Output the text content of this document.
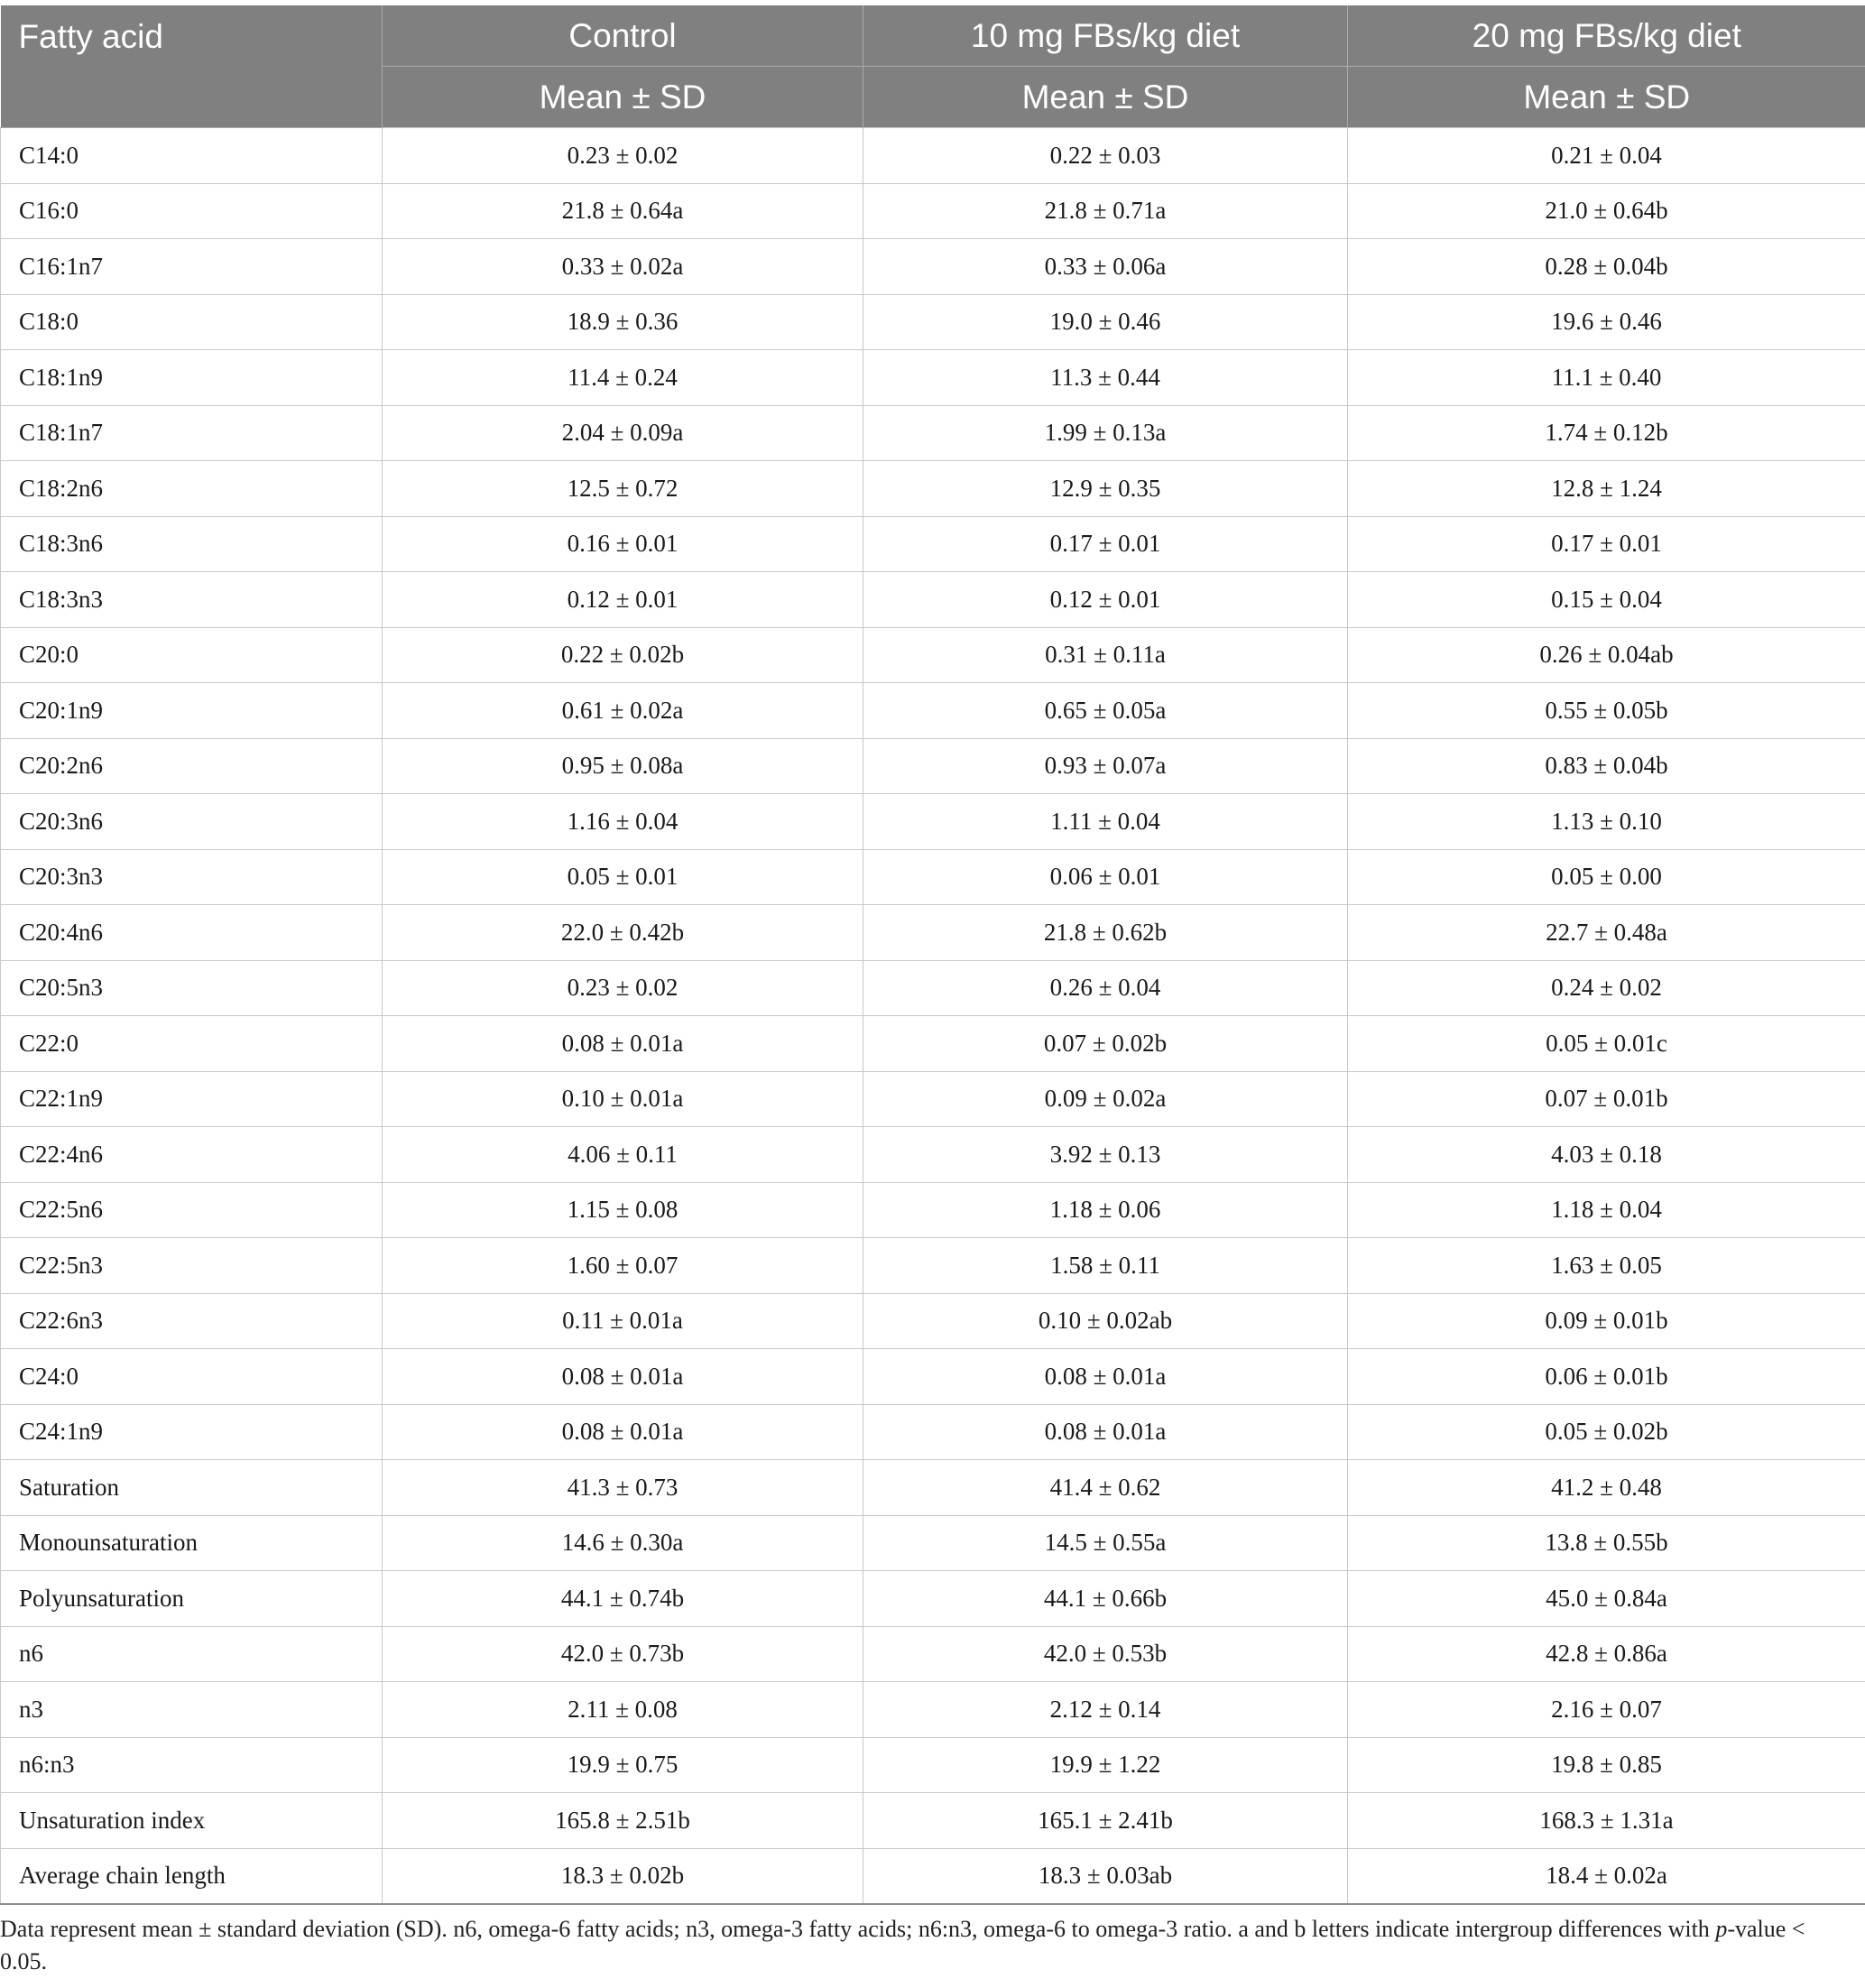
Fatty acid	Control	10 mg FBs/kg diet	20 mg FBs/kg diet
	Mean ± SD	Mean ± SD	Mean ± SD
C14:0	0.23 ± 0.02	0.22 ± 0.03	0.21 ± 0.04
C16:0	21.8 ± 0.64a	21.8 ± 0.71a	21.0 ± 0.64b
C16:1n7	0.33 ± 0.02a	0.33 ± 0.06a	0.28 ± 0.04b
C18:0	18.9 ± 0.36	19.0 ± 0.46	19.6 ± 0.46
C18:1n9	11.4 ± 0.24	11.3 ± 0.44	11.1 ± 0.40
C18:1n7	2.04 ± 0.09a	1.99 ± 0.13a	1.74 ± 0.12b
C18:2n6	12.5 ± 0.72	12.9 ± 0.35	12.8 ± 1.24
C18:3n6	0.16 ± 0.01	0.17 ± 0.01	0.17 ± 0.01
C18:3n3	0.12 ± 0.01	0.12 ± 0.01	0.15 ± 0.04
C20:0	0.22 ± 0.02b	0.31 ± 0.11a	0.26 ± 0.04ab
C20:1n9	0.61 ± 0.02a	0.65 ± 0.05a	0.55 ± 0.05b
C20:2n6	0.95 ± 0.08a	0.93 ± 0.07a	0.83 ± 0.04b
C20:3n6	1.16 ± 0.04	1.11 ± 0.04	1.13 ± 0.10
C20:3n3	0.05 ± 0.01	0.06 ± 0.01	0.05 ± 0.00
C20:4n6	22.0 ± 0.42b	21.8 ± 0.62b	22.7 ± 0.48a
C20:5n3	0.23 ± 0.02	0.26 ± 0.04	0.24 ± 0.02
C22:0	0.08 ± 0.01a	0.07 ± 0.02b	0.05 ± 0.01c
C22:1n9	0.10 ± 0.01a	0.09 ± 0.02a	0.07 ± 0.01b
C22:4n6	4.06 ± 0.11	3.92 ± 0.13	4.03 ± 0.18
C22:5n6	1.15 ± 0.08	1.18 ± 0.06	1.18 ± 0.04
C22:5n3	1.60 ± 0.07	1.58 ± 0.11	1.63 ± 0.05
C22:6n3	0.11 ± 0.01a	0.10 ± 0.02ab	0.09 ± 0.01b
C24:0	0.08 ± 0.01a	0.08 ± 0.01a	0.06 ± 0.01b
C24:1n9	0.08 ± 0.01a	0.08 ± 0.01a	0.05 ± 0.02b
Saturation	41.3 ± 0.73	41.4 ± 0.62	41.2 ± 0.48
Monounsaturation	14.6 ± 0.30a	14.5 ± 0.55a	13.8 ± 0.55b
Polyunsaturation	44.1 ± 0.74b	44.1 ± 0.66b	45.0 ± 0.84a
n6	42.0 ± 0.73b	42.0 ± 0.53b	42.8 ± 0.86a
n3	2.11 ± 0.08	2.12 ± 0.14	2.16 ± 0.07
n6:n3	19.9 ± 0.75	19.9 ± 1.22	19.8 ± 0.85
Unsaturation index	165.8 ± 2.51b	165.1 ± 2.41b	168.3 ± 1.31a
Average chain length	18.3 ± 0.02b	18.3 ± 0.03ab	18.4 ± 0.02a
Data represent mean ± standard deviation (SD). n6, omega-6 fatty acids; n3, omega-3 fatty acids; n6:n3, omega-6 to omega-3 ratio. a and b letters indicate intergroup differences with p-value < 0.05.
